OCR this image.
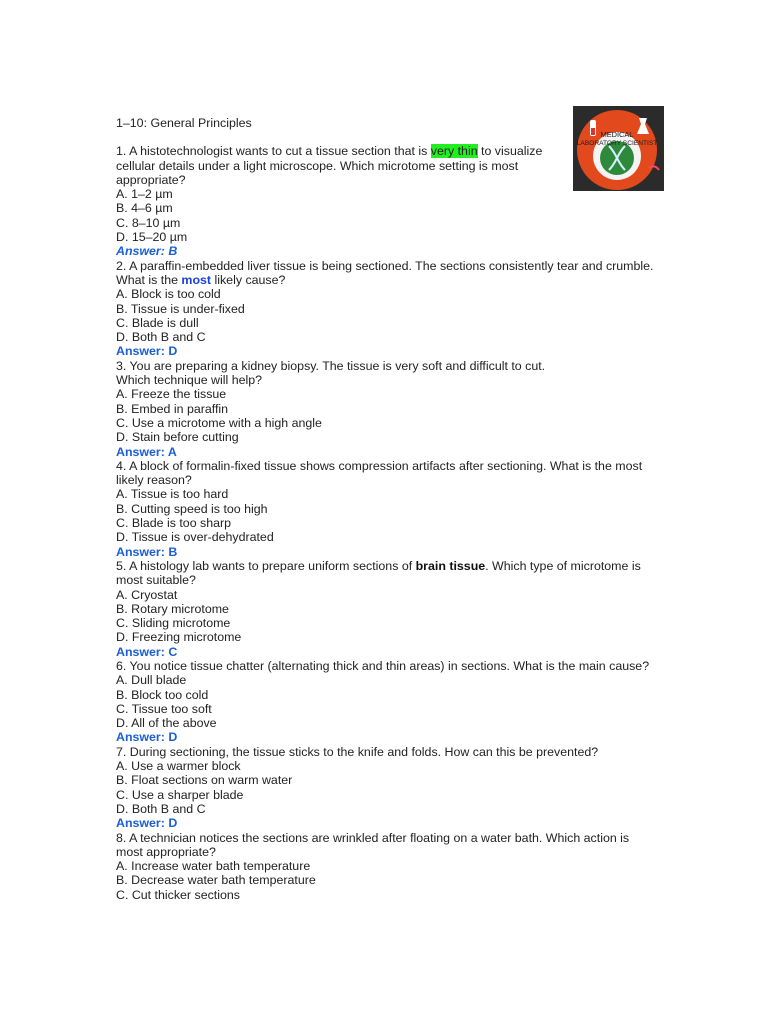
MEDICAL
LABORATORY SCIENTIST
1–10: General Principles
1. A histotechnologist wants to cut a tissue section that is very thin to visualize cellular details under a light microscope. Which microtome setting is most appropriate?
A. 1–2 µm
B. 4–6 µm
C. 8–10 µm
D. 15–20 µm
Answer: B
2. A paraffin-embedded liver tissue is being sectioned. The sections consistently tear and crumble.
What is the most likely cause?
A. Block is too cold
B. Tissue is under-fixed
C. Blade is dull
D. Both B and C
Answer: D
3. You are preparing a kidney biopsy. The tissue is very soft and difficult to cut.
Which technique will help?
A. Freeze the tissue
B. Embed in paraffin
C. Use a microtome with a high angle
D. Stain before cutting
Answer: A
4. A block of formalin-fixed tissue shows compression artifacts after sectioning. What is the most likely reason?
A. Tissue is too hard
B. Cutting speed is too high
C. Blade is too sharp
D. Tissue is over-dehydrated
Answer: B
5. A histology lab wants to prepare uniform sections of brain tissue. Which type of microtome is most suitable?
A. Cryostat
B. Rotary microtome
C. Sliding microtome
D. Freezing microtome
Answer: C
6. You notice tissue chatter (alternating thick and thin areas) in sections. What is the main cause?
A. Dull blade
B. Block too cold
C. Tissue too soft
D. All of the above
Answer: D
7. During sectioning, the tissue sticks to the knife and folds. How can this be prevented?
A. Use a warmer block
B. Float sections on warm water
C. Use a sharper blade
D. Both B and C
Answer: D
8. A technician notices the sections are wrinkled after floating on a water bath. Which action is most appropriate?
A. Increase water bath temperature
B. Decrease water bath temperature
C. Cut thicker sections
